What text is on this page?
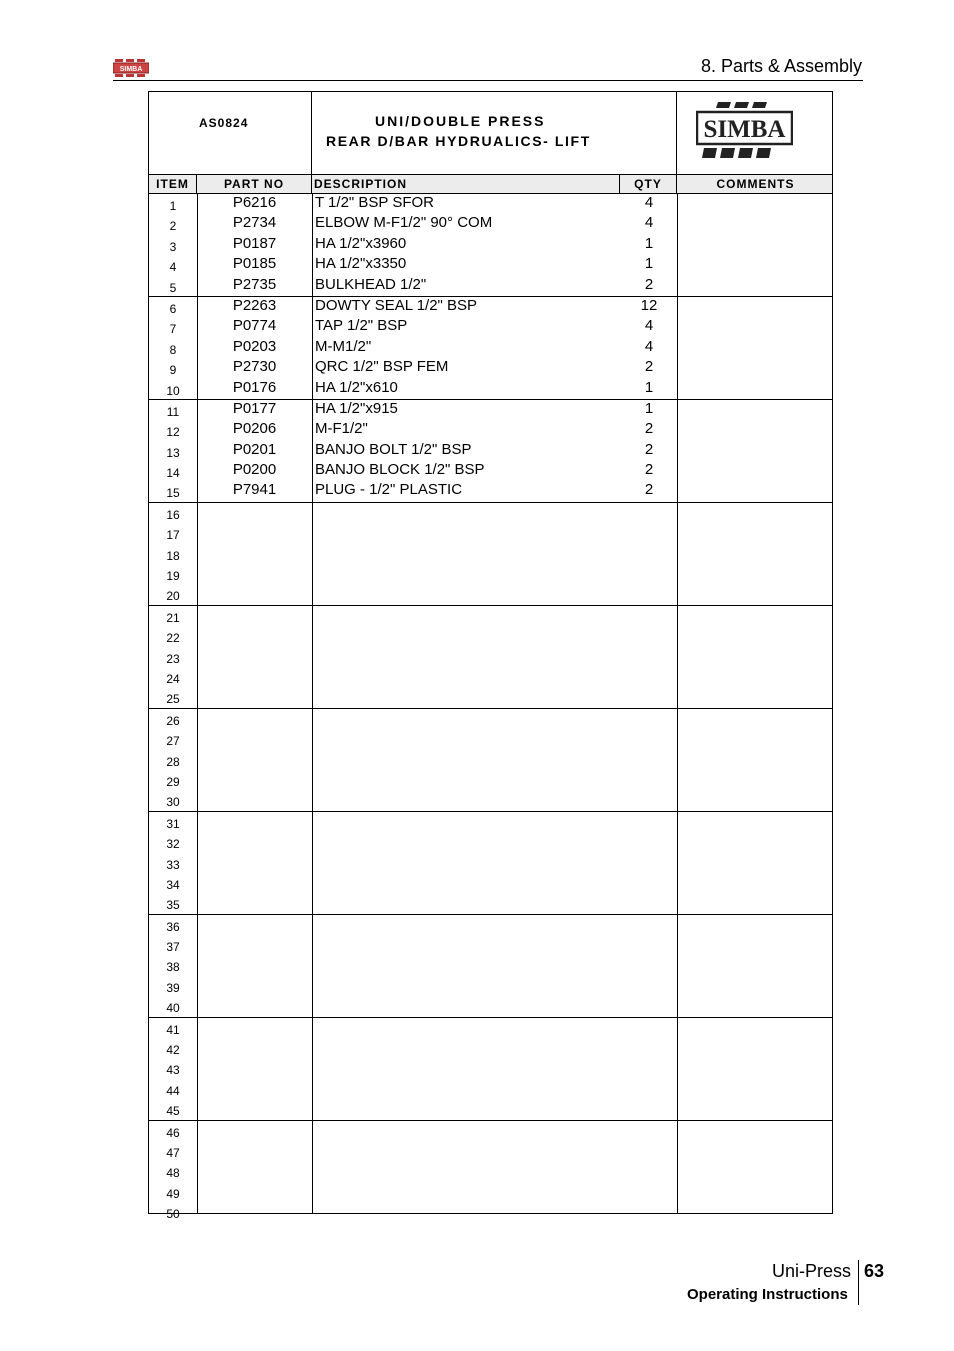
SIMBA	8. Parts & Assembly
AS0824	UNI/DOUBLE PRESS
REAR D/BAR HYDRUALICS- LIFT	SIMBA
ITEM	PART NO	DESCRIPTION	QTY	COMMENTS
1	P6216	T 1/2" BSP SFOR	4
2	P2734	ELBOW M-F1/2" 90° COM	4
3	P0187	HA 1/2"x3960	1
4	P0185	HA 1/2"x3350	1
5	P2735	BULKHEAD 1/2"	2
6	P2263	DOWTY SEAL 1/2" BSP	12
7	P0774	TAP 1/2" BSP	4
8	P0203	M-M1/2"	4
9	P2730	QRC 1/2" BSP FEM	2
10	P0176	HA 1/2"x610	1
11	P0177	HA 1/2"x915	1
12	P0206	M-F1/2"	2
13	P0201	BANJO BOLT 1/2" BSP	2
14	P0200	BANJO BLOCK 1/2" BSP	2
15	P7941	PLUG - 1/2" PLASTIC	2
16
17
18
19
20
21
22
23
24
25
26
27
28
29
30
31
32
33
34
35
36
37
38
39
40
41
42
43
44
45
46
47
48
49
50
Uni-Press 63
Operating Instructions
